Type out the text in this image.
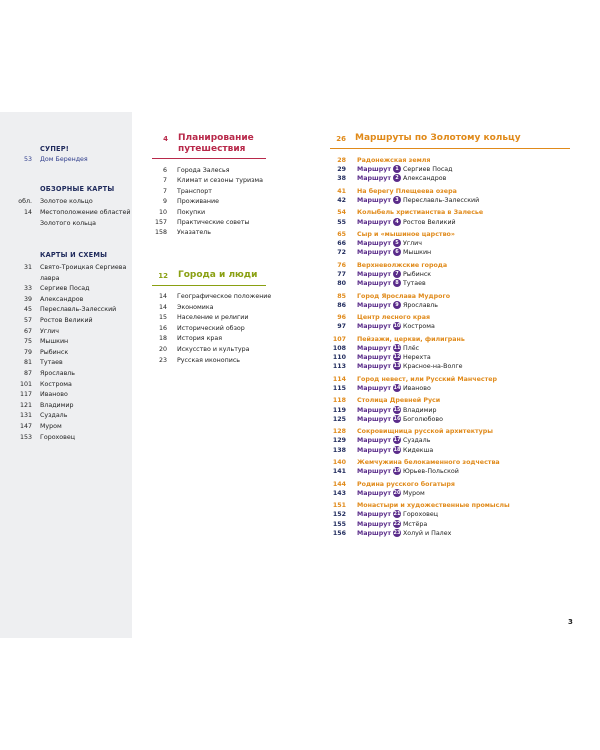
СУПЕР!
53 Дом Берендея
ОБЗОРНЫЕ КАРТЫ
обл. Золотое кольцо
14 Местоположение областей
Золотого кольца
КАРТЫ И СХЕМЫ
31 Свято-Троицкая Сергиева
лавра
33 Сергиев Посад
39 Александров
45 Переславль-Залесский
57 Ростов Великий
67 Углич
75 Мышкин
79 Рыбинск
81 Тутаев
87 Ярославль
101 Кострома
117 Иваново
121 Владимир
131 Суздаль
147 Муром
153 Гороховец
4 Планирование
путешествия
6 Города Залесья
7 Климат и сезоны туризма
7 Транспорт
9 Проживание
10 Покупки
157 Практические советы
158 Указатель
12 Города и люди
14 Географическое положение
14 Экономика
15 Население и религии
16 Исторический обзор
18 История края
20 Искусство и культура
23 Русская иконопись
26 Маршруты по Золотому кольцу
28 Радонежская земля
29 Маршрут 1 Сергиев Посад
38 Маршрут 2 Александров
41 На берегу Плещеева озера
42 Маршрут 3 Переславль-Залесский
54 Колыбель христианства в Залесье
55 Маршрут 4 Ростов Великий
65 Сыр и «мышиное царство»
66 Маршрут 5 Углич
72 Маршрут 6 Мышкин
76 Верхневолжские города
77 Маршрут 7 Рыбинск
80 Маршрут 8 Тутаев
85 Город Ярослава Мудрого
86 Маршрут 9 Ярославль
96 Центр лесного края
97 Маршрут 10 Кострома
107 Пейзажи, церкви, филигрань
108 Маршрут 11 Плёс
110 Маршрут 12 Нерехта
113 Маршрут 13 Красное-на-Волге
114 Город невест, или Русский Манчестер
115 Маршрут 14 Иваново
118 Столица Древней Руси
119 Маршрут 15 Владимир
125 Маршрут 16 Боголюбово
128 Сокровищница русской архитектуры
129 Маршрут 17 Суздаль
138 Маршрут 18 Кидекша
140 Жемчужина белокаменного зодчества
141 Маршрут 19 Юрьев-Польской
144 Родина русского богатыря
143 Маршрут 20 Муром
151 Монастыри и художественные промыслы
152 Маршрут 21 Гороховец
155 Маршрут 22 Мстёра
156 Маршрут 23 Холуй и Палех
3
